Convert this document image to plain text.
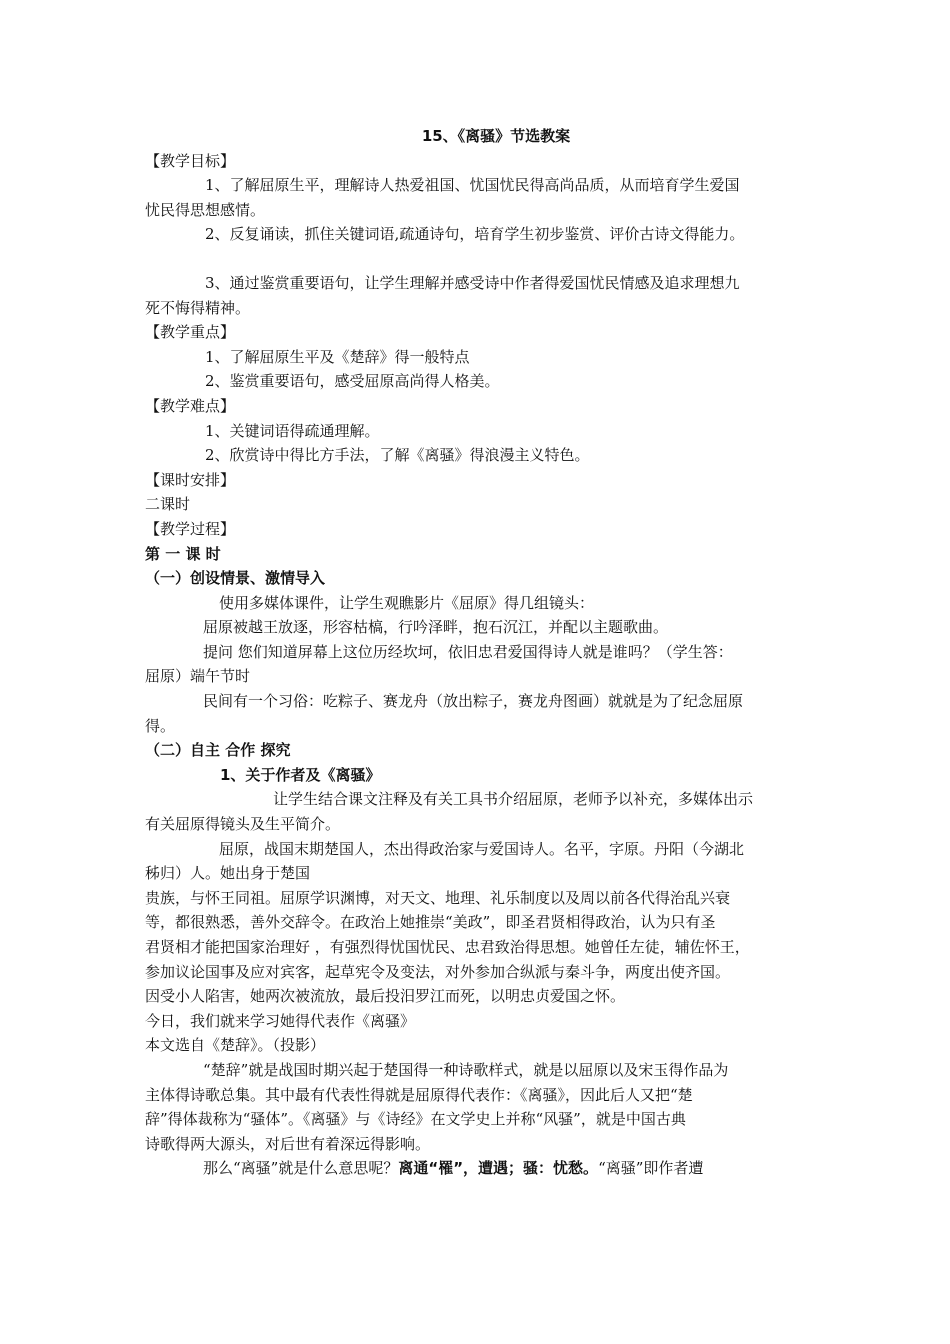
15、《离骚》节选教案

【教学目标】

1、了解屈原生平，理解诗人热爱祖国、忧国忧民得高尚品质，从而培育学生爱国

忧民得思想感情。

2、反复诵读，抓住关键词语,疏通诗句，培育学生初步鉴赏、评价古诗文得能力。

3、通过鉴赏重要语句，让学生理解并感受诗中作者得爱国忧民情感及追求理想九

死不悔得精神。

【教学重点】

1、了解屈原生平及《楚辞》得一般特点

2、鉴赏重要语句，感受屈原高尚得人格美。

【教学难点】

1、关键词语得疏通理解。

2、欣赏诗中得比方手法，了解《离骚》得浪漫主义特色。

【课时安排】

二课时

【教学过程】

第 一 课 时

（一）创设情景、激情导入

使用多媒体课件，让学生观瞧影片《屈原》得几组镜头：

屈原被越王放逐，形容枯槁，行吟泽畔，抱石沉江，并配以主题歌曲。

提问 您们知道屏幕上这位历经坎坷，依旧忠君爱国得诗人就是谁吗？（学生答：

屈原）端午节时

民间有一个习俗：吃粽子、赛龙舟（放出粽子，赛龙舟图画）就就是为了纪念屈原

得。

（二）自主 合作 探究

1、关于作者及《离骚》

让学生结合课文注释及有关工具书介绍屈原，老师予以补充，多媒体出示

有关屈原得镜头及生平简介。

屈原，战国末期楚国人，杰出得政治家与爱国诗人。名平，字原。丹阳（今湖北

秭归）人。她出身于楚国

贵族，与怀王同祖。屈原学识渊博，对天文、地理、礼乐制度以及周以前各代得治乱兴衰

等，都很熟悉，善外交辞令。在政治上她推崇“美政”，即圣君贤相得政治，认为只有圣

君贤相才能把国家治理好 ，有强烈得忧国忧民、忠君致治得思想。她曾任左徒，辅佐怀王，

参加议论国事及应对宾客，起草宪令及变法，对外参加合纵派与秦斗争，两度出使齐国。

因受小人陷害，她两次被流放，最后投汨罗江而死，以明忠贞爱国之怀。

今日，我们就来学习她得代表作《离骚》

本文选自《楚辞》。（投影）

“楚辞”就是战国时期兴起于楚国得一种诗歌样式，就是以屈原以及宋玉得作品为

主体得诗歌总集。其中最有代表性得就是屈原得代表作：《离骚》，因此后人又把“楚

辞”得体裁称为“骚体”。《离骚》与《诗经》在文学史上并称“风骚”，就是中国古典

诗歌得两大源头，对后世有着深远得影响。

那么“离骚”就是什么意思呢？离通“罹”，遭遇；骚：忧愁。“离骚”即作者遭
